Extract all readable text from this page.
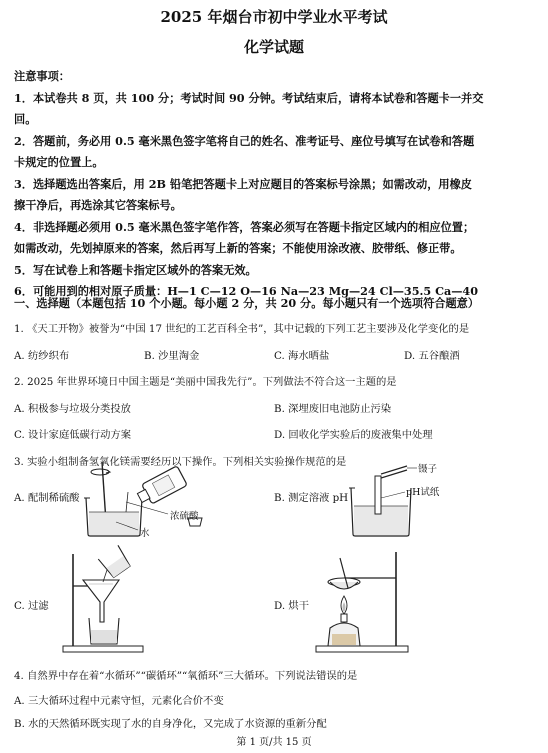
2025 年烟台市初中学业水平考试
化学试题
注意事项：
1．本试卷共 8 页，共 100 分；考试时间 90 分钟。考试结束后，请将本试卷和答题卡一并交
回。
2．答题前，务必用 0.5 毫米黑色签字笔将自己的姓名、准考证号、座位号填写在试卷和答题
卡规定的位置上。
3．选择题选出答案后，用 2B 铅笔把答题卡上对应题目的答案标号涂黑；如需改动，用橡皮
擦干净后，再选涂其它答案标号。
4．非选择题必须用 0.5 毫米黑色签字笔作答，答案必须写在答题卡指定区域内的相应位置；
如需改动，先划掉原来的答案，然后再写上新的答案；不能使用涂改液、胶带纸、修正带。
5．写在试卷上和答题卡指定区域外的答案无效。
6．可能用到的相对原子质量：H—1 C—12 O—16 Na—23 Mg—24 Cl—35.5 Ca—40
一、选择题（本题包括 10 个小题。每小题 2 分，共 20 分。每小题只有一个选项符合题意）
1. 《天工开物》被誉为“中国 17 世纪的工艺百科全书”，其中记载的下列工艺主要涉及化学变化的是
A. 纺纱织布	B. 沙里淘金	C. 海水晒盐	D. 五谷酿酒
2. 2025 年世界环境日中国主题是“美丽中国我先行”。下列做法不符合这一主题的是
A. 积极参与垃圾分类投放	B. 深埋废旧电池防止污染
C. 设计家庭低碳行动方案	D. 回收化学实验后的废液集中处理
3. 实验小组制备氢氧化镁需要经历以下操作。下列相关实验操作规范的是
A. 配制稀硫酸
浓硫酸
水
B. 测定溶液 pH
镊子
pH试纸
C. 过滤	D. 烘干
4. 自然界中存在着“水循环”“碳循环”“氧循环”三大循环。下列说法错误的是
A. 三大循环过程中元素守恒，元素化合价不变
B. 水的天然循环既实现了水的自身净化，又完成了水资源的重新分配
第 1 页/共 15 页
